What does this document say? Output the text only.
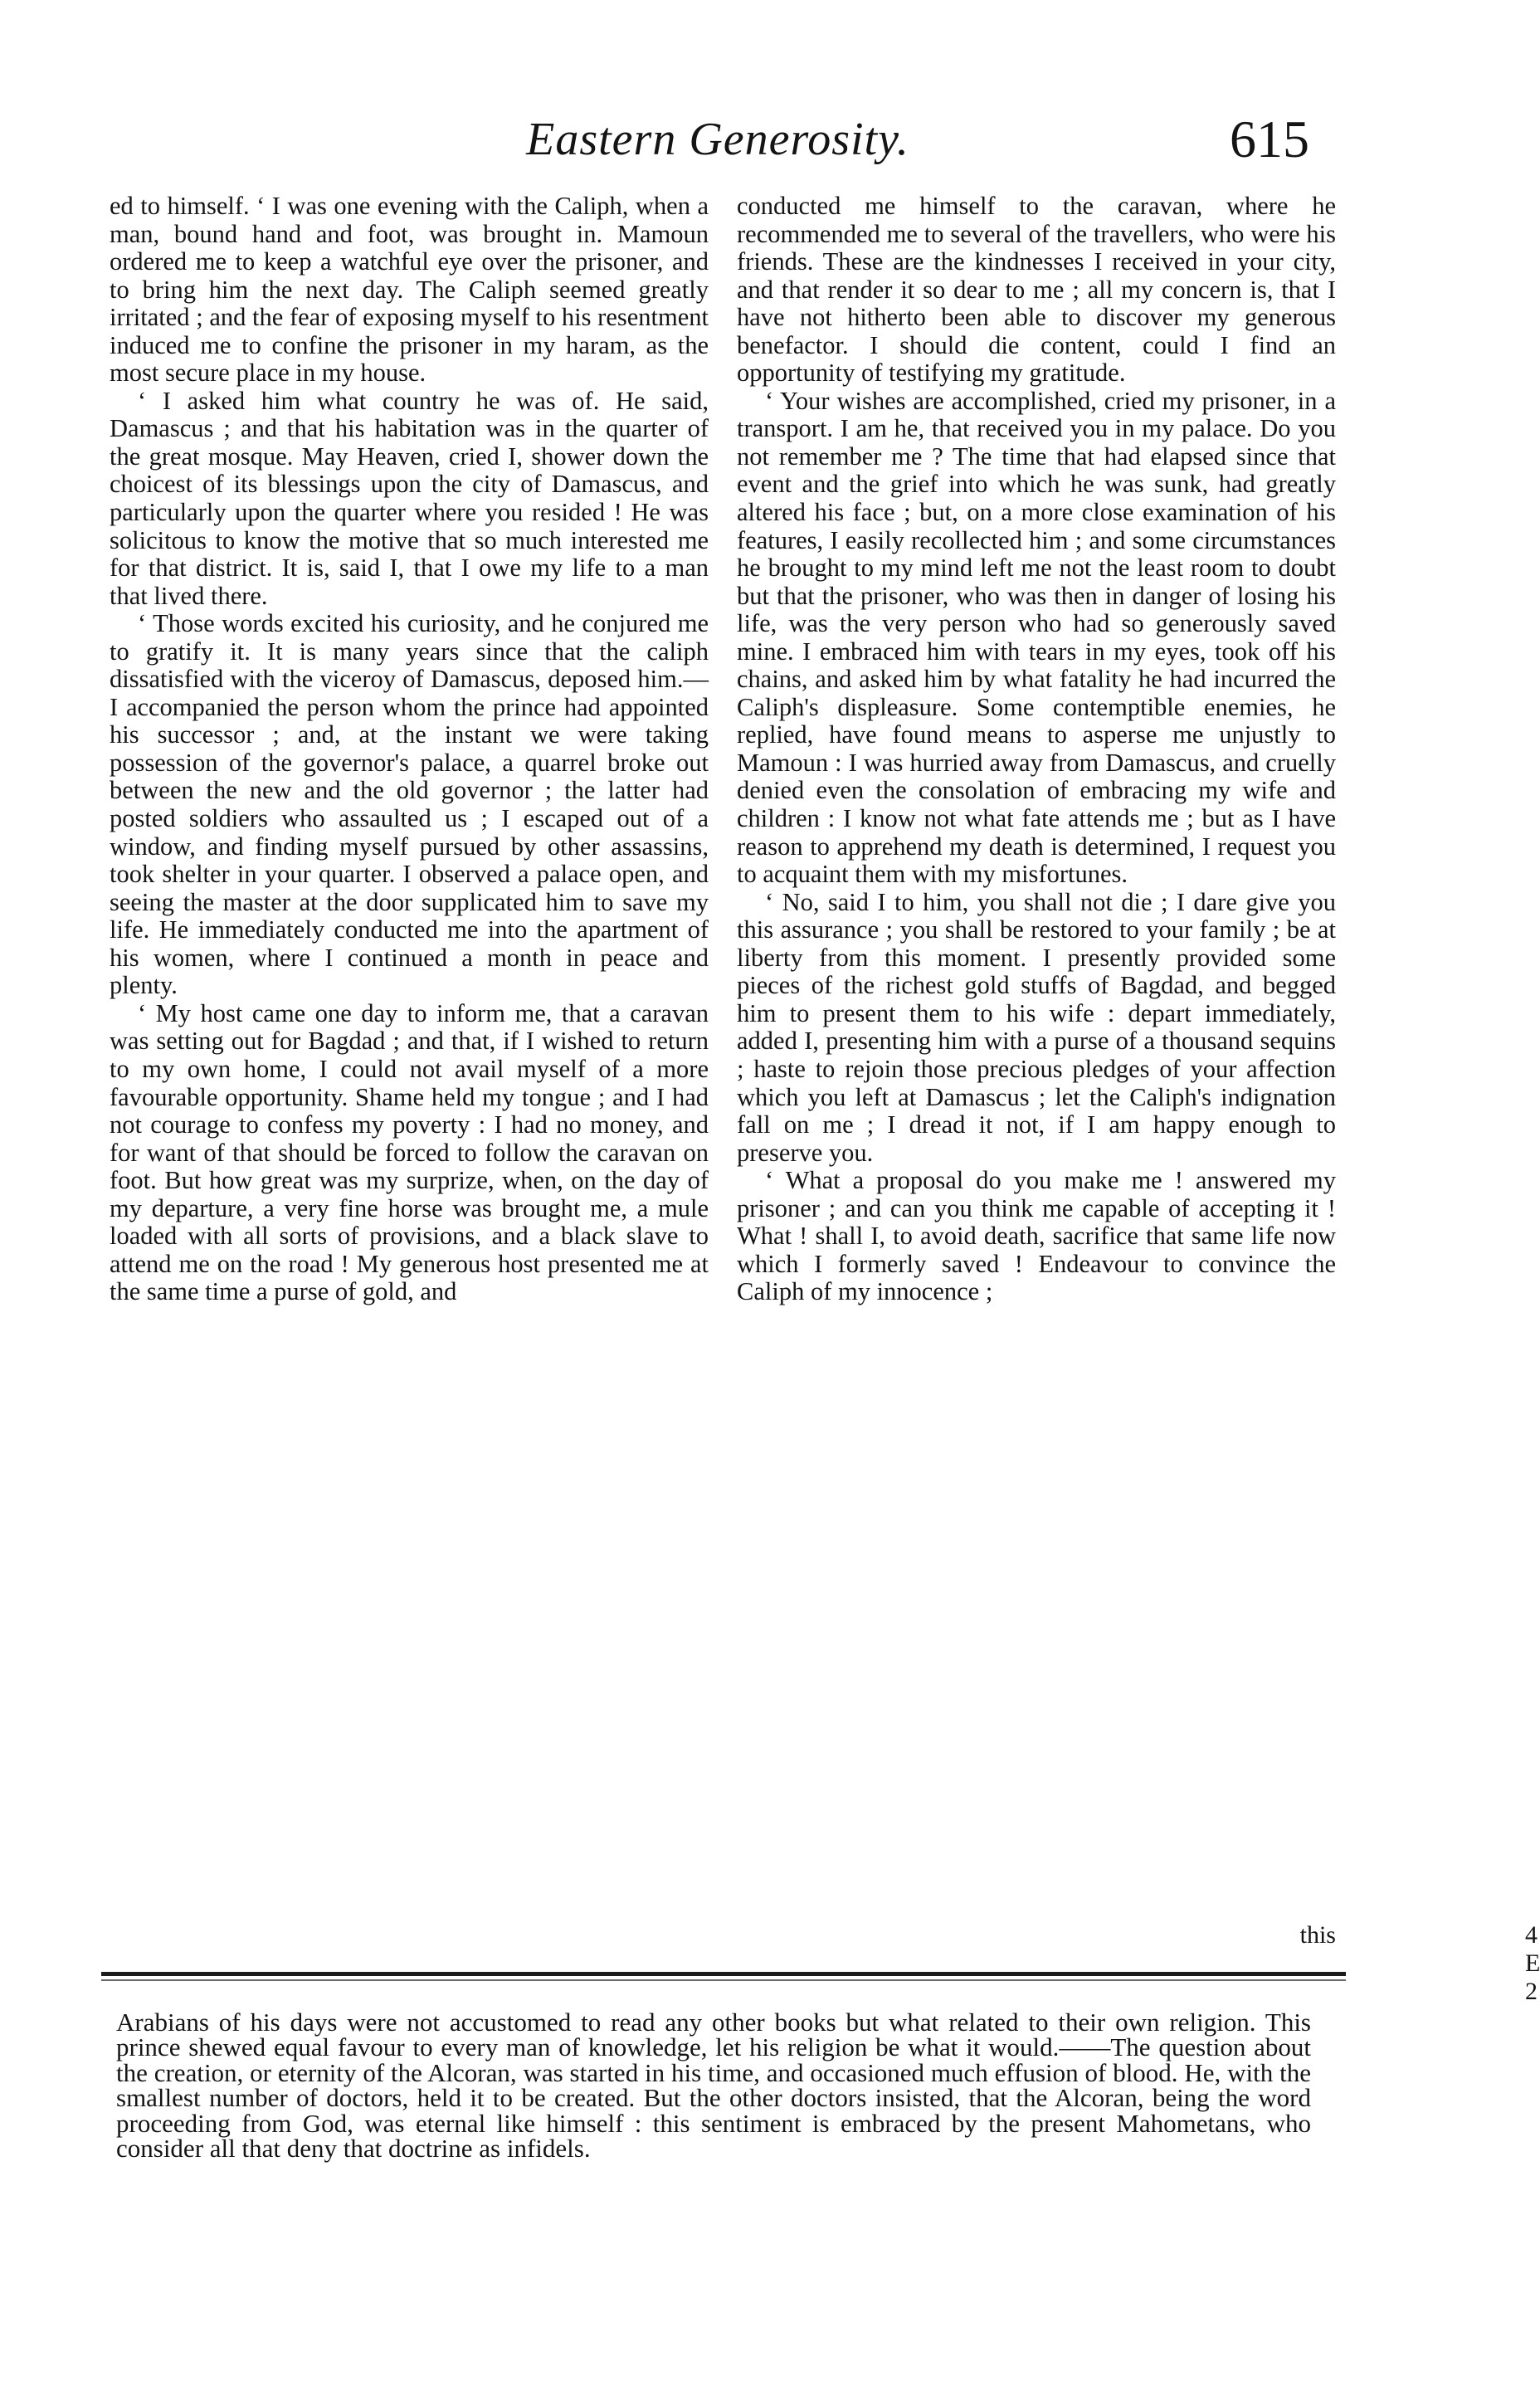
Eastern Generosity.	615

ed to himself. ‘ I was one evening with the Caliph, when a man, bound hand and foot, was brought in. Mamoun ordered me to keep a watchful eye over the prisoner, and to bring him the next day. The Caliph seemed greatly irritated ; and the fear of exposing myself to his resentment induced me to confine the prisoner in my haram, as the most secure place in my house.

‘ I asked him what country he was of. He said, Damascus ; and that his habitation was in the quarter of the great mosque. May Heaven, cried I, shower down the choicest of its blessings upon the city of Damascus, and particularly upon the quarter where you resided ! He was solicitous to know the motive that so much interested me for that district. It is, said I, that I owe my life to a man that lived there.

‘ Those words excited his curiosity, and he conjured me to gratify it. It is many years since that the caliph dissatisfied with the viceroy of Damascus, deposed him.— I accompanied the person whom the prince had appointed his successor ; and, at the instant we were taking possession of the governor's palace, a quarrel broke out between the new and the old governor ; the latter had posted soldiers who assaulted us ; I escaped out of a window, and finding myself pursued by other assassins, took shelter in your quarter. I observed a palace open, and seeing the master at the door supplicated him to save my life. He immediately conducted me into the apartment of his women, where I continued a month in peace and plenty.

‘ My host came one day to inform me, that a caravan was setting out for Bagdad ; and that, if I wished to return to my own home, I could not avail myself of a more favourable opportunity. Shame held my tongue ; and I had not courage to confess my poverty : I had no money, and for want of that should be forced to follow the caravan on foot. But how great was my surprize, when, on the day of my departure, a very fine horse was brought me, a mule loaded with all sorts of provisions, and a black slave to attend me on the road ! My generous host presented me at the same time a purse of gold, and

conducted me himself to the caravan, where he recommended me to several of the travellers, who were his friends. These are the kindnesses I received in your city, and that render it so dear to me ; all my concern is, that I have not hitherto been able to discover my generous benefactor. I should die content, could I find an opportunity of testifying my gratitude.

‘ Your wishes are accomplished, cried my prisoner, in a transport. I am he, that received you in my palace. Do you not remember me ? The time that had elapsed since that event and the grief into which he was sunk, had greatly altered his face ; but, on a more close examination of his features, I easily recollected him ; and some circumstances he brought to my mind left me not the least room to doubt but that the prisoner, who was then in danger of losing his life, was the very person who had so generously saved mine. I embraced him with tears in my eyes, took off his chains, and asked him by what fatality he had incurred the Caliph's displeasure. Some contemptible enemies, he replied, have found means to asperse me unjustly to Mamoun : I was hurried away from Damascus, and cruelly denied even the consolation of embracing my wife and children : I know not what fate attends me ; but as I have reason to apprehend my death is determined, I request you to acquaint them with my misfortunes.

‘ No, said I to him, you shall not die ; I dare give you this assurance ; you shall be restored to your family ; be at liberty from this moment. I presently provided some pieces of the richest gold stuffs of Bagdad, and begged him to present them to his wife : depart immediately, added I, presenting him with a purse of a thousand sequins ; haste to rejoin those precious pledges of your affection which you left at Damascus ; let the Caliph's indignation fall on me ; I dread it not, if I am happy enough to preserve you.

‘ What a proposal do you make me ! answered my prisoner ; and can you think me capable of accepting it ! What ! shall I, to avoid death, sacrifice that same life now which I formerly saved ! Endeavour to convince the Caliph of my innocence ;

4 E 2
this

Arabians of his days were not accustomed to read any other books but what related to their own religion. This prince shewed equal favour to every man of knowledge, let his religion be what it would.——The question about the creation, or eternity of the Alcoran, was started in his time, and occasioned much effusion of blood. He, with the smallest number of doctors, held it to be created. But the other doctors insisted, that the Alcoran, being the word proceeding from God, was eternal like himself : this sentiment is embraced by the present Mahometans, who consider all that deny that doctrine as infidels.
